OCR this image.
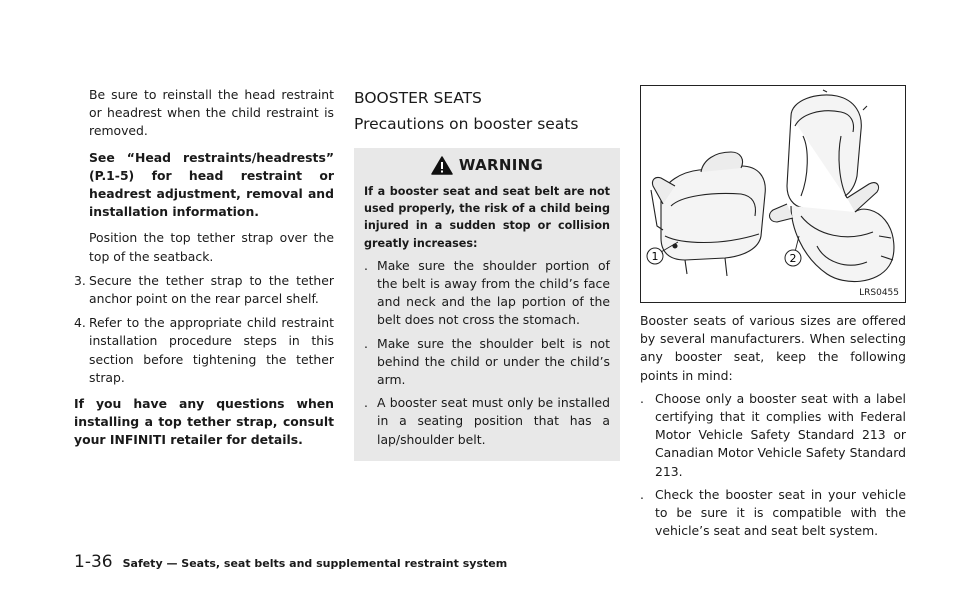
Be sure to reinstall the head restraint or headrest when the child restraint is removed.

See “Head restraints/headrests” (P.1-5) for head restraint or headrest adjustment, removal and installation information.

Position the top tether strap over the top of the seatback.

3. Secure the tether strap to the tether anchor point on the rear parcel shelf.
4. Refer to the appropriate child restraint installation procedure steps in this section before tightening the tether strap.

If you have any questions when installing a top tether strap, consult your INFINITI retailer for details.

BOOSTER SEATS

Precautions on booster seats

WARNING

If a booster seat and seat belt are not used properly, the risk of a child being injured in a sudden stop or collision greatly increases:

. Make sure the shoulder portion of the belt is away from the child’s face and neck and the lap portion of the belt does not cross the stomach.
. Make sure the shoulder belt is not behind the child or under the child’s arm.
. A booster seat must only be installed in a seating position that has a lap/shoulder belt.
1	2
LRS0455

Booster seats of various sizes are offered by several manufacturers. When selecting any booster seat, keep the following points in mind:

. Choose only a booster seat with a label certifying that it complies with Federal Motor Vehicle Safety Standard 213 or Canadian Motor Vehicle Safety Standard 213.
. Check the booster seat in your vehicle to be sure it is compatible with the vehicle’s seat and seat belt system.
1-36 Safety — Seats, seat belts and supplemental restraint system
